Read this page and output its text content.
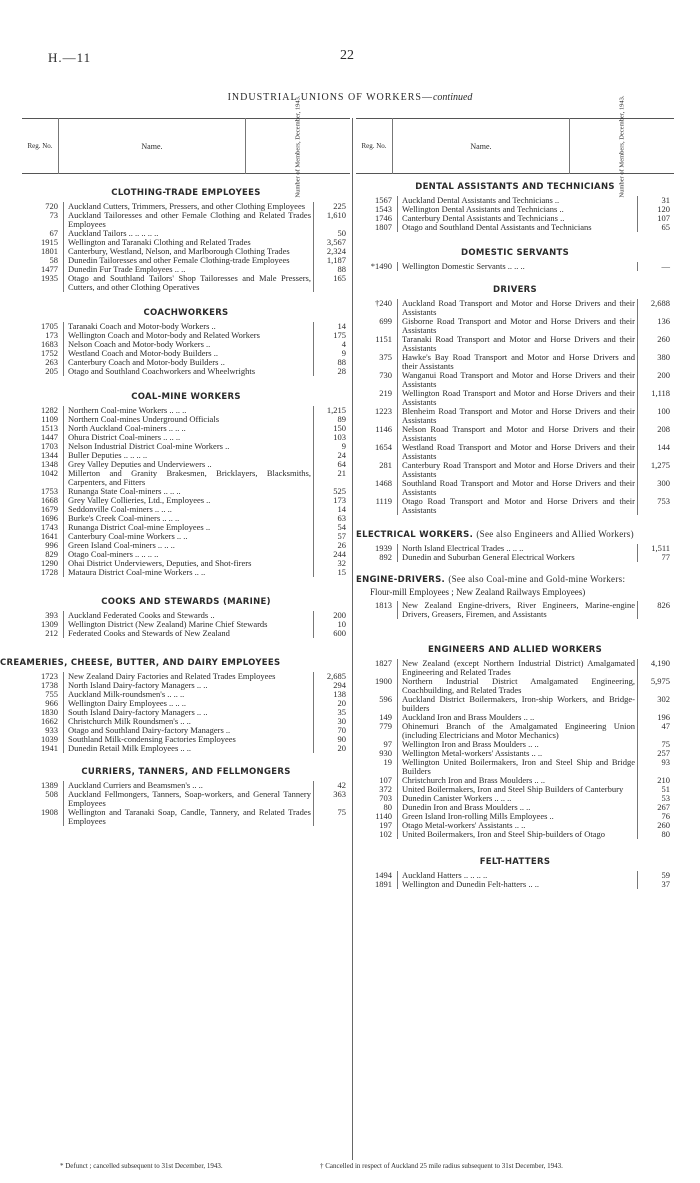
H.—11	22
INDUSTRIAL UNIONS OF WORKERS—continued
Reg. No.	Name.	Number of Members, December, 1943.
CLOTHING-TRADE EMPLOYEES
720	Auckland Cutters, Trimmers, Pressers, and other Clothing Employees	225
73	Auckland Tailoresses and other Female Clothing and Related Trades Employees	1,610
67	Auckland Tailors .. .. .. .. ..	50
1915	Wellington and Taranaki Clothing and Related Trades	3,567
1801	Canterbury, Westland, Nelson, and Marlborough Clothing Trades	2,324
58	Dunedin Tailoresses and other Female Clothing-trade Employees	1,187
1477	Dunedin Fur Trade Employees .. ..	88
1935	Otago and Southland Tailors' Shop Tailoresses and Male Pressers, Cutters, and other Clothing Operatives	165
COACHWORKERS
1705	Taranaki Coach and Motor-body Workers ..	14
173	Wellington Coach and Motor-body and Related Workers	175
1683	Nelson Coach and Motor-body Workers ..	4
1752	Westland Coach and Motor-body Builders ..	9
263	Canterbury Coach and Motor-body Builders ..	88
205	Otago and Southland Coachworkers and Wheelwrights	28
COAL-MINE WORKERS
1282	Northern Coal-mine Workers .. .. ..	1,215
1109	Northern Coal-mines Underground Officials	89
1513	North Auckland Coal-miners .. .. ..	150
1447	Ohura District Coal-miners .. .. ..	103
1703	Nelson Industrial District Coal-mine Workers ..	9
1344	Buller Deputies .. .. .. ..	24
1348	Grey Valley Deputies and Underviewers ..	64
1042	Millerton and Granity Brakesmen, Bricklayers, Blacksmiths, Carpenters, and Fitters	21
1753	Runanga State Coal-miners .. .. ..	525
1668	Grey Valley Collieries, Ltd., Employees ..	173
1679	Seddonville Coal-miners .. .. ..	14
1696	Burke's Creek Coal-miners .. .. ..	63
1743	Runanga District Coal-mine Employees ..	54
1641	Canterbury Coal-mine Workers .. ..	57
996	Green Island Coal-miners .. .. ..	26
829	Otago Coal-miners .. .. .. ..	244
1290	Ohai District Underviewers, Deputies, and Shot-firers	32
1728	Mataura District Coal-mine Workers .. ..	15
COOKS AND STEWARDS (MARINE)
393	Auckland Federated Cooks and Stewards ..	200
1309	Wellington District (New Zealand) Marine Chief Stewards	10
212	Federated Cooks and Stewards of New Zealand	600
CREAMERIES, CHEESE, BUTTER, AND DAIRY EMPLOYEES
1723	New Zealand Dairy Factories and Related Trades Employees	2,685
1738	North Island Dairy-factory Managers .. ..	294
755	Auckland Milk-roundsmen's .. .. ..	138
966	Wellington Dairy Employees .. .. ..	20
1830	South Island Dairy-factory Managers .. ..	35
1662	Christchurch Milk Roundsmen's .. ..	30
933	Otago and Southland Dairy-factory Managers ..	70
1039	Southland Milk-condensing Factories Employees	90
1941	Dunedin Retail Milk Employees .. ..	20
CURRIERS, TANNERS, AND FELLMONGERS
1389	Auckland Curriers and Beamsmen's .. ..	42
508	Auckland Fellmongers, Tanners, Soap-workers, and General Tannery Employees	363
1908	Wellington and Taranaki Soap, Candle, Tannery, and Related Trades Employees	75
Reg. No.	Name.	Number of Members, December, 1943.
DENTAL ASSISTANTS AND TECHNICIANS
1567	Auckland Dental Assistants and Technicians ..	31
1543	Wellington Dental Assistants and Technicians ..	120
1746	Canterbury Dental Assistants and Technicians ..	107
1807	Otago and Southland Dental Assistants and Technicians	65
DOMESTIC SERVANTS
*1490	Wellington Domestic Servants .. .. ..	—
DRIVERS
†240	Auckland Road Transport and Motor and Horse Drivers and their Assistants	2,688
699	Gisborne Road Transport and Motor and Horse Drivers and their Assistants	136
1151	Taranaki Road Transport and Motor and Horse Drivers and their Assistants	260
375	Hawke's Bay Road Transport and Motor and Horse Drivers and their Assistants	380
730	Wanganui Road Transport and Motor and Horse Drivers and their Assistants	200
219	Wellington Road Transport and Motor and Horse Drivers and their Assistants	1,118
1223	Blenheim Road Transport and Motor and Horse Drivers and their Assistants	100
1146	Nelson Road Transport and Motor and Horse Drivers and their Assistants	208
1654	Westland Road Transport and Motor and Horse Drivers and their Assistants	144
281	Canterbury Road Transport and Motor and Horse Drivers and their Assistants	1,275
1468	Southland Road Transport and Motor and Horse Drivers and their Assistants	300
1119	Otago Road Transport and Motor and Horse Drivers and their Assistants	753
ELECTRICAL WORKERS. (See also Engineers and Allied Workers)
1939	North Island Electrical Trades .. .. ..	1,511
892	Dunedin and Suburban General Electrical Workers	77
ENGINE-DRIVERS. (See also Coal-mine and Gold-mine Workers:
Flour-mill Employees ; New Zealand Railways Employees)
1813	New Zealand Engine-drivers, River Engineers, Marine-engine Drivers, Greasers, Firemen, and Assistants	826
ENGINEERS AND ALLIED WORKERS
1827	New Zealand (except Northern Industrial District) Amalgamated Engineering and Related Trades	4,190
1900	Northern Industrial District Amalgamated Engineering, Coachbuilding, and Related Trades	5,975
596	Auckland District Boilermakers, Iron-ship Workers, and Bridge-builders	302
149	Auckland Iron and Brass Moulders .. ..	196
779	Ohinemuri Branch of the Amalgamated Engineering Union (including Electricians and Motor Mechanics)	47
97	Wellington Iron and Brass Moulders .. ..	75
930	Wellington Metal-workers' Assistants .. ..	257
19	Wellington United Boilermakers, Iron and Steel Ship and Bridge Builders	93
107	Christchurch Iron and Brass Moulders .. ..	210
372	United Boilermakers, Iron and Steel Ship Builders of Canterbury	51
703	Dunedin Canister Workers .. .. ..	53
80	Dunedin Iron and Brass Moulders .. ..	267
1140	Green Island Iron-rolling Mills Employees ..	76
197	Otago Metal-workers' Assistants .. ..	260
102	United Boilermakers, Iron and Steel Ship-builders of Otago	80
FELT-HATTERS
1494	Auckland Hatters .. .. .. ..	59
1891	Wellington and Dunedin Felt-hatters .. ..	37
* Defunct ; cancelled subsequent to 31st December, 1943.	† Cancelled in respect of Auckland 25 mile radius subsequent to 31st December, 1943.
